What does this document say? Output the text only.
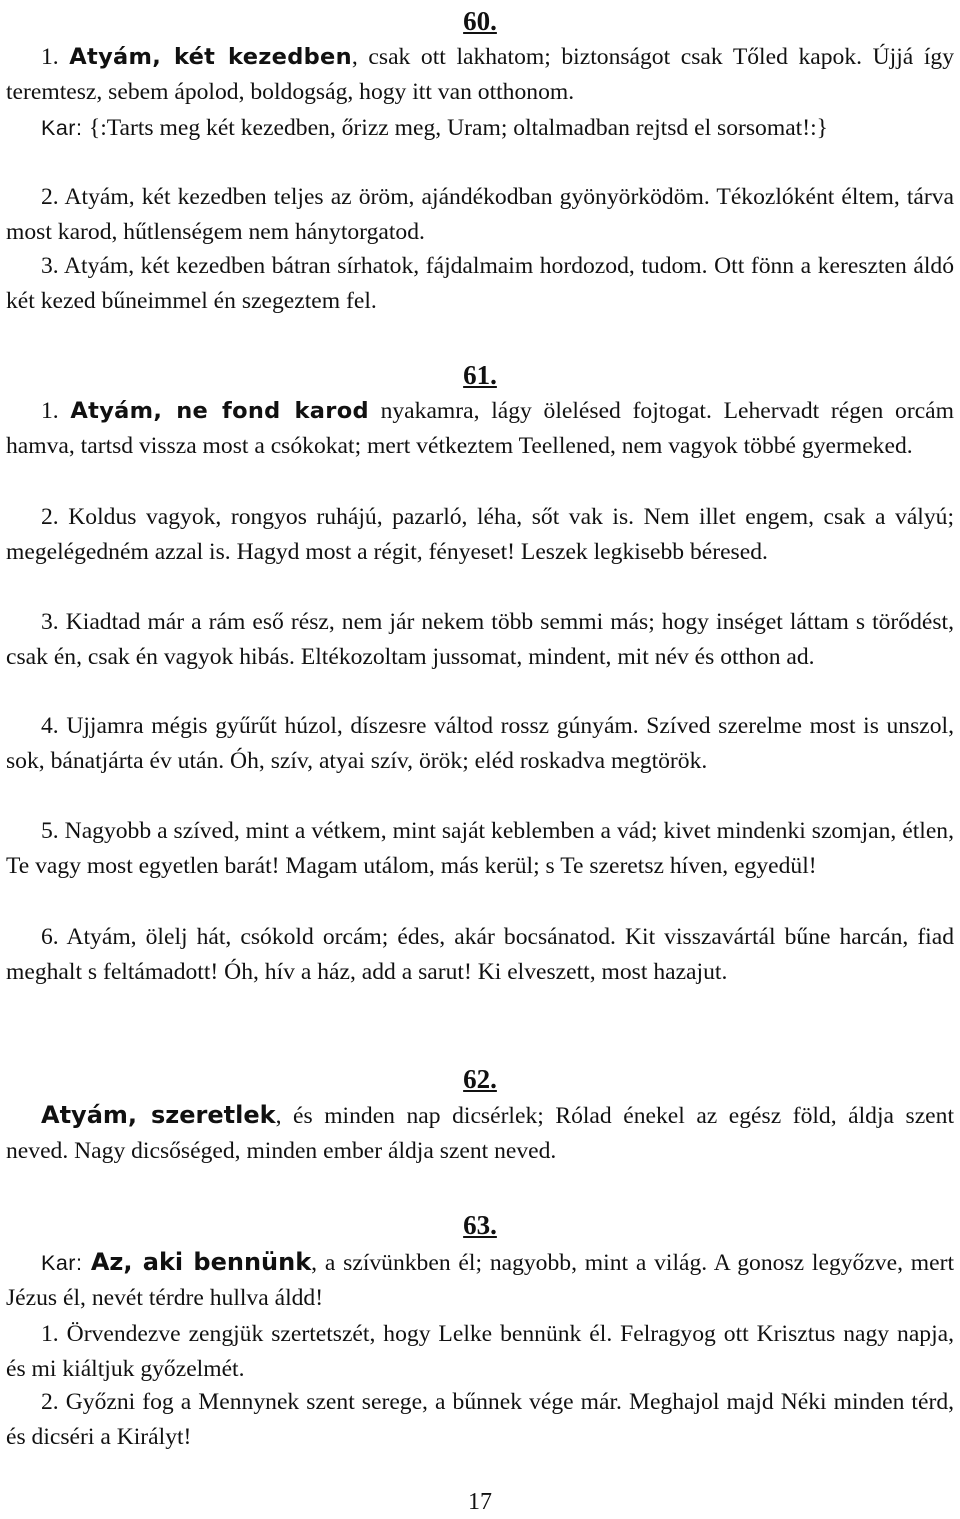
60.

1. Atyám, két kezedben, csak ott lakhatom; biztonságot csak Tőled kapok. Újjá így teremtesz, sebem ápolod, boldogság, hogy itt van otthonom.

Kar: {:Tarts meg két kezedben, őrizz meg, Uram; oltalmadban rejtsd el sorsomat!:}

2. Atyám, két kezedben teljes az öröm, ajándékodban gyönyörködöm. Tékozlóként éltem, tárva most karod, hűtlenségem nem hánytorgatod.

3. Atyám, két kezedben bátran sírhatok, fájdalmaim hordozod, tudom. Ott fönn a kereszten áldó két kezed bűneimmel én szegeztem fel.

61.

1. Atyám, ne fond karod nyakamra, lágy ölelésed fojtogat. Lehervadt régen orcám hamva, tartsd vissza most a csókokat; mert vétkeztem Teellened, nem vagyok többé gyermeked.

2. Koldus vagyok, rongyos ruhájú, pazarló, léha, sőt vak is. Nem illet engem, csak a vályú; megelégedném azzal is. Hagyd most a régit, fényeset! Leszek legkisebb béresed.

3. Kiadtad már a rám eső rész, nem jár nekem több semmi más; hogy inséget láttam s törődést, csak én, csak én vagyok hibás. Eltékozoltam jussomat, mindent, mit név és otthon ad.

4. Ujjamra mégis gyűrűt húzol, díszesre váltod rossz gúnyám. Szíved szerelme most is unszol, sok, bánatjárta év után. Óh, szív, atyai szív, örök; eléd roskadva megtörök.

5. Nagyobb a szíved, mint a vétkem, mint saját keblemben a vád; kivet mindenki szomjan, étlen, Te vagy most egyetlen barát! Magam utálom, más kerül; s Te szeretsz híven, egyedül!

6. Atyám, ölelj hát, csókold orcám; édes, akár bocsánatod. Kit visszavártál bűne harcán, fiad meghalt s feltámadott! Óh, hív a ház, add a sarut! Ki elveszett, most hazajut.

62.

Atyám, szeretlek, és minden nap dicsérlek; Rólad énekel az egész föld, áldja szent neved. Nagy dicsőséged, minden ember áldja szent neved.

63.

Kar: Az, aki bennünk, a szívünkben él; nagyobb, mint a világ. A gonosz legyőzve, mert Jézus él, nevét térdre hullva áldd!

1. Örvendezve zengjük szertetszét, hogy Lelke bennünk él. Felragyog ott Krisztus nagy napja, és mi kiáltjuk győzelmét.

2. Győzni fog a Mennynek szent serege, a bűnnek vége már. Meghajol majd Néki minden térd, és dicséri a Királyt!

17
